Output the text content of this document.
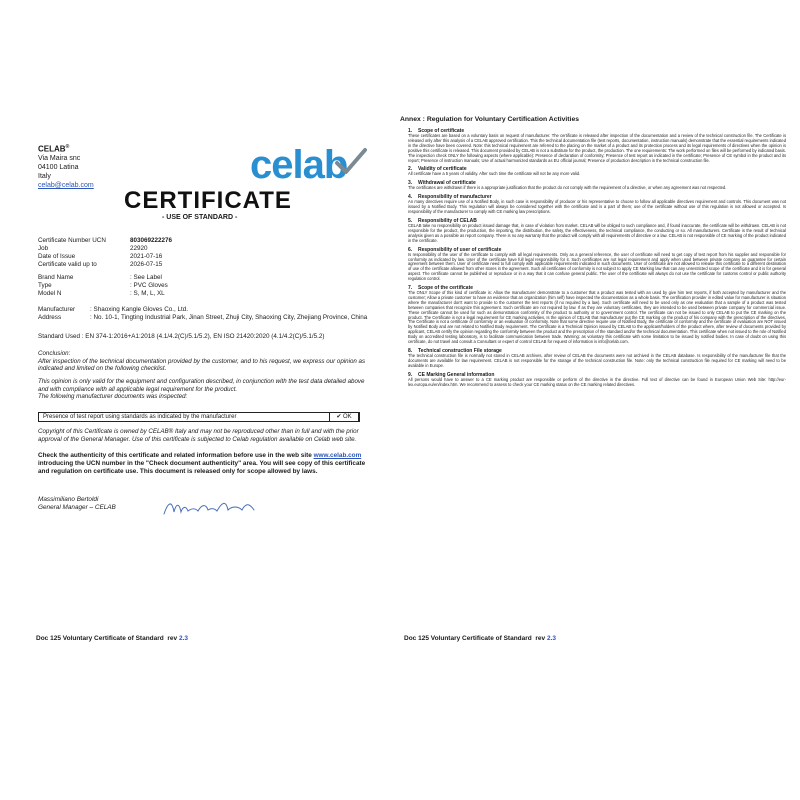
CELAB®
Via Maira snc
04100 Latina
Italy
celab@celab.com	celab
CERTIFICATE
- USE OF STANDARD -
Certificate Number UCN	803069222276
Job	22920
Date of Issue	2021-07-16
Certificate valid up to	2026-07-15
Brand Name	: See Label
Type	: PVC Gloves
Model N	: S, M, L, XL
Manufacturer	: Shaoxing Kangle Gloves Co., Ltd.
Address	: No. 10-1, Tingting Industrial Park, Jinan Street, Zhuji City, Shaoxing City, Zhejiang Province, China
Standard Used : EN 374-1:2016+A1:2018 (4.1/4.2(C)/5.1/5.2), EN ISO 21420:2020 (4.1/4.2(C)/5.1/5.2)
Conclusion:
After inspection of the technical documentation provided by the customer, and to his request, we express our opinion as indicated and limited on the following checklist.
This opinion is only valid for the equipment and configuration described, in conjunction with the test data detailed above and with compliance with all applicable legal requirement for the product.
The following manufacturer documents was inspected:
Presence of test report using standards as indicated by the manufacturer	✔ OK
Copyright of this Certificate is owned by CELAB® Italy and may not be reproduced other than in full and with the prior approval of the General Manager. Use of this certificate is subjected to Celab regulation available on Celab web site.
Check the authenticity of this certificate and related information before use in the web site www.celab.com introducing the UCN number in the "Check document authenticity" area. You will see copy of this certificate and regulation on certificate use. This document is released only for scope allowed by laws.
Massimiliano Bertoldi
General Manager – CELAB
Doc 125 Voluntary Certificate of Standard rev 2.3
Annex : Regulation for Voluntary Certification Activities
1. Scope of certificate
These certificates are based on a voluntary basis on request of manufacturer. The certificate is released after inspection of the documentation and a review of the technical construction file. The Certificate is released only after this analysis of a CELAB approved certification. This the technical documentation file (test reports, documentation, instruction manuals) demonstrate that the essential requirements indicated in the directive have been covered. Note: this technical requirement are referred to the placing on the market of a product and its protection process and its legal requirements of directives when the opinion is positive this certificate is released. This document provided by CELAB is not a substitute for the product, the production. The one requirements: The work performed on files will be performed by indicated basis. The inspection check ONLY the following aspects (where applicable): Presence of declaration of conformity; Presence of test report as indicated in the certificate; Presence of CE symbol in the product and its report; Presence of instruction manuals; Use of actual harmonized standards as EU official journal; Presence of production description in the technical construction file.
2. Validity of certificate
All certificate have a 5 years of validity. After such time the certificate will not be any more valid.
3. Withdrawal of certificate
The certificates are withdrawn if there is a appropriate justification that the product do not comply with the requirement of a directive, or when any agreement was not respected.
4. Responsibility of manufacturer
An many directives require use of a Notified Body, in such case is responsibility of producer or his representative to choose to follow all applicable directives requirement and controls. This document was not issued by a Notified Body. This regulation will always be considered together with the certificate and is a part of them; use of the certificate without use of this regulation is not allowed or accepted. Is responsibility of the manufacturer to comply with CE marking law prescriptions.
5. Responsibility of CELAB
CELAB take no responsibility on product issued damage that, in case of violation from market. CELAB will be obliged to such compliance and, if found inaccurate, the certificate will be withdrawn. CELAB is not responsible for the product, the production, the importing, the distribution, the safety, the effectiveness, the technical compliance, the conducting or so. All manufacturers. Certificate is the result of technical analysis given as a possible as report company. There is no any warranty that the product will comply with all requirements of directive or a law. CELAB is not responsible of CE marking of the product indicated in the certificate.
6. Responsibility of user of certificate
Is responsibility of the user of the certificate to comply with all legal requirements. Only as a general reference, the user of certificate will need to get copy of test report from his supplier and responsible for conformity as indicated by law. User of the certificate have full legal responsibility for it. Such certificates are not legal requirement and apply when used between private company as guarantee for certain agreement between them. User of certificate need to full comply with applicable requirements indicated in such documents. User of certificate are not allowed to release this certificate to a different destination of use of the certificate allowed from other stores in the agreement. Such all certificates of conformity is not subject to apply CE Marking law that can any unrestricted scope of the certificate and it is for general aspect. The certificate cannot be published or reproduce or in a way that it can confuse general public. The user of the certificate will always do not use the certificate for customs control or public authority regulation control.
7. Scope of the certificate
The ONLY Scope of this kind of certificate is: Allow the manufacturer demonstrate to a customer that a product was tested with an used by give him test reports, if both accepted by manufacturer and the customer; Allow a private customer to have an evidence that an organization (him self) have inspected the documentation as a whole basis. The certification provider in edited value for manufacturer is situation where the manufacturer don't want to provide to the customer the test reports (if no required by a law). Such certificate will need to be used only as one evaluation that a sample of a product was tested between companies that recognize this agreement. Such certificate are not required by law. If as they are voluntary certificates, they are intended to be used between private company for commercial issue. These certificate cannot be used for such as demonstration conformity of the product to authority or to government control. The certificate can not be issued to only CELAB to put the CE marking on the product. The Certificate is not a legal requirement for CE marking activities. Is the opinion of CELAB that manufacturer put the CE marking on the product of his company with the prescription of the directives. The Certificate is not a certificate of conformity or an evaluation of conformity. Note that some directive require use of Notified Body, the certificate of conformity and the certificate of evaluation are NOT issued by Notified Body and are not related to Notified Body requirement. The Certificate is a Technical Opinion issued by CELAB to the applicant/holders of the product where, after review of documents provided by applicant, CELAB certify the opinion regarding the conformity between the product and the prescription of the standard and/or the technical documentation. This certificate when not issued to the role of Notified Body on accredited testing laboratory, is to facilitate communication between trade. Warning: as voluntary this certificate with some limitation to be issued by notified bodies. In case of doubt on using this certificate, do not travel and consult a Consultant or expert of control CELAB for request of information is info@celab.com.
8. Technical construction File storage
The technical construction file is normally not stored in CELAB archives, after review of CELAB the documents were not archived in the CELAB database. Is responsibility of the manufacturer file that the documents are available for law requirement. CELAB is not responsible for the storage of the technical construction file. Note: only the technical construction file required for CE marking will need to be available in Europe.
9. CE Marking General information
All persons would have to answer to a CE marking product are responsible or perform of the directive in the directive. Full text of directive can be found in European Union Web Site: http://eur-lex.europa.eu/en/index.htm. We recommend to assess to check your CE marking status on the CE marking related directives.
Doc 125 Voluntary Certificate of Standard rev 2.3
